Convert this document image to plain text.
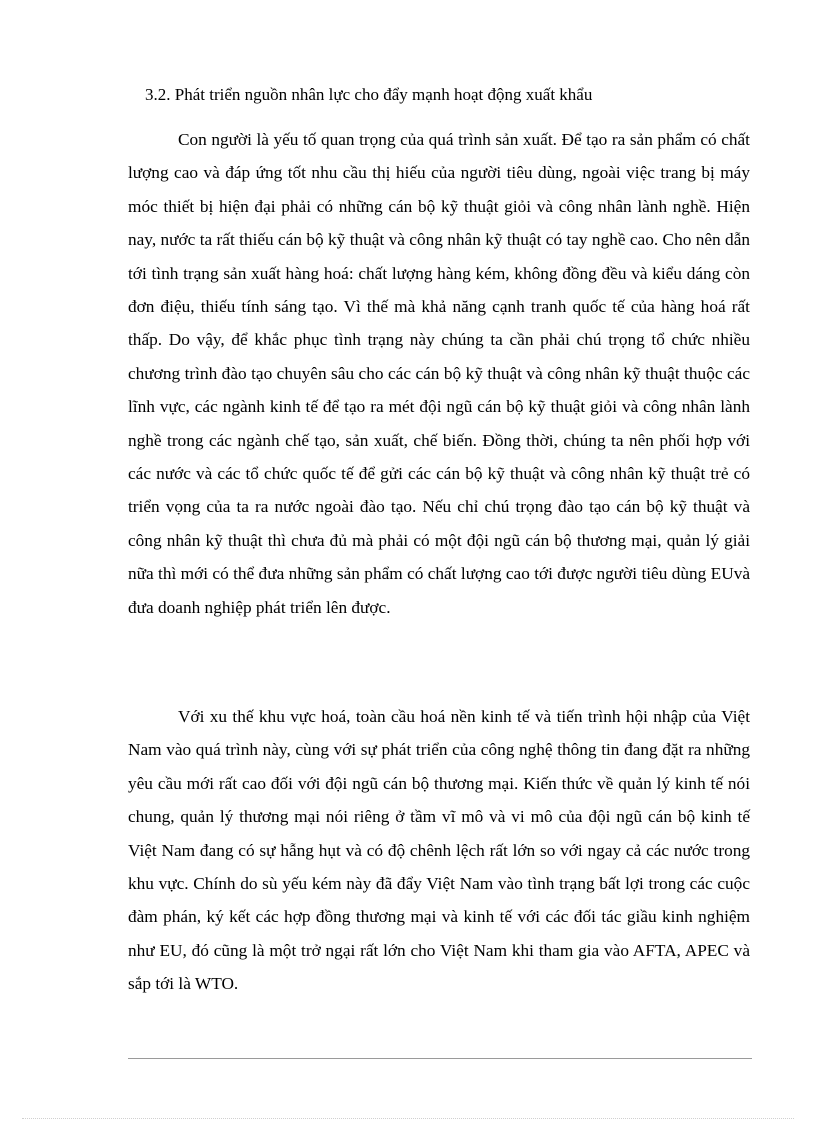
3.2. Phát triển nguồn nhân lực cho đẩy mạnh hoạt động xuất khẩu

Con người là yếu tố quan trọng của quá trình sản xuất. Để tạo ra sản phẩm có chất lượng cao và đáp ứng tốt nhu cầu thị hiếu của người tiêu dùng, ngoài việc trang bị máy móc thiết bị hiện đại phải có những cán bộ kỹ thuật giỏi và công nhân lành nghề. Hiện nay, nước ta rất thiếu cán bộ kỹ thuật và công nhân kỹ thuật có tay nghề cao. Cho nên dẫn tới tình trạng sản xuất hàng hoá: chất lượng hàng kém, không đồng đều và kiểu dáng còn đơn điệu, thiếu tính sáng tạo. Vì thế mà khả năng cạnh tranh quốc tế của hàng hoá rất thấp. Do vậy, để khắc phục tình trạng này chúng ta cần phải chú trọng tổ chức nhiều chương trình đào tạo chuyên sâu cho các cán bộ kỹ thuật và công nhân kỹ thuật thuộc các lĩnh vực, các ngành kinh tế để tạo ra mét đội ngũ cán bộ kỹ thuật giỏi và công nhân lành nghề trong các ngành chế tạo, sản xuất, chế biến. Đồng thời, chúng ta nên phối hợp với các nước và các tổ chức quốc tế để gửi các cán bộ kỹ thuật và công nhân kỹ thuật trẻ có triển vọng của ta ra nước ngoài đào tạo. Nếu chỉ chú trọng đào tạo cán bộ kỹ thuật và công nhân kỹ thuật thì chưa đủ mà phải có một đội ngũ cán bộ thương mại, quản lý giải nữa thì mới có thể đưa những sản phẩm có chất lượng cao tới được người tiêu dùng EUvà đưa doanh nghiệp phát triển lên được.

Với xu thế khu vực hoá, toàn cầu hoá nền kinh tế và tiến trình hội nhập của Việt Nam vào quá trình này, cùng với sự phát triển của công nghệ thông tin đang đặt ra những yêu cầu mới rất cao đối với đội ngũ cán bộ thương mại. Kiến thức về quản lý kinh tế nói chung, quản lý thương mại nói riêng ở tầm vĩ mô và vi mô của đội ngũ cán bộ kinh tế Việt Nam đang có sự hẫng hụt và có độ chênh lệch rất lớn so với ngay cả các nước trong khu vực. Chính do sù yếu kém này đã đẩy Việt Nam vào tình trạng bất lợi trong các cuộc đàm phán, ký kết các hợp đồng thương mại và kinh tế với các đối tác giầu kinh nghiệm như EU, đó cũng là một trở ngại rất lớn cho Việt Nam khi tham gia vào AFTA, APEC và sắp tới là WTO.
